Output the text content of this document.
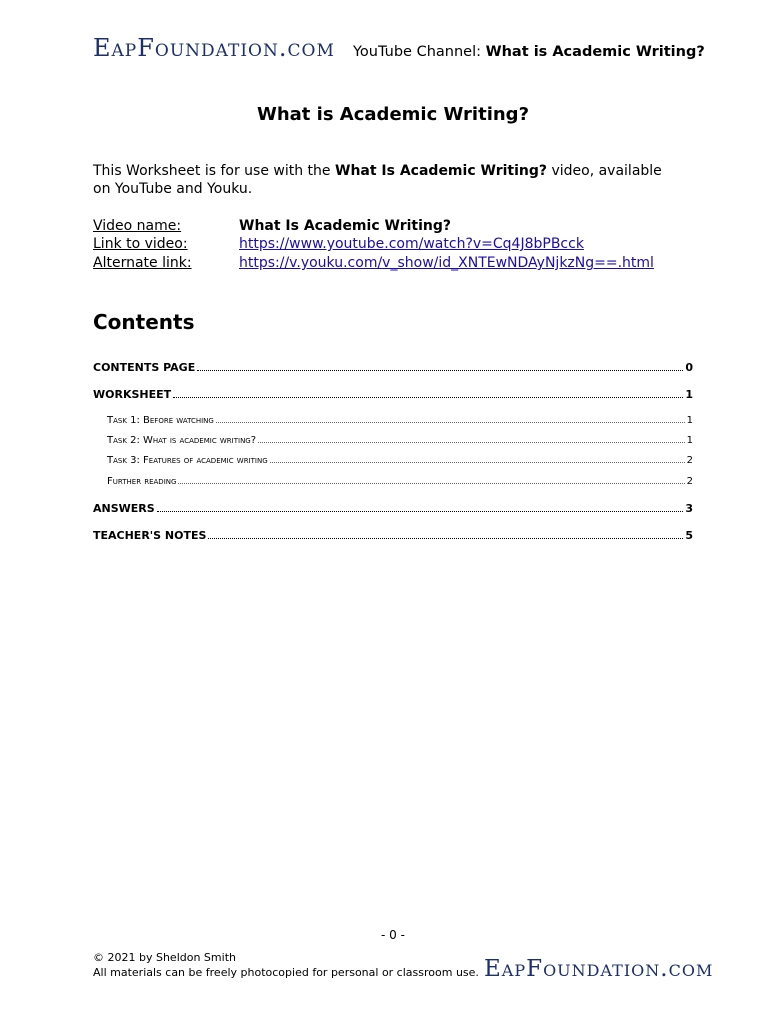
EapFoundation.com YouTube Channel: What is Academic Writing?
What is Academic Writing?
This Worksheet is for use with the What Is Academic Writing? video, available on YouTube and Youku.
Video name:	What Is Academic Writing?
Link to video:	https://www.youtube.com/watch?v=Cq4J8bPBcck
Alternate link:	https://v.youku.com/v_show/id_XNTEwNDAyNjkzNg==.html
Contents
CONTENTS PAGE	0
WORKSHEET	1
Task 1: Before watching	1
Task 2: What is academic writing?	1
Task 3: Features of academic writing	2
Further reading	2
ANSWERS	3
TEACHER'S NOTES	5
- 0 -
© 2021 by Sheldon Smith
All materials can be freely photocopied for personal or classroom use. EapFoundation.com
